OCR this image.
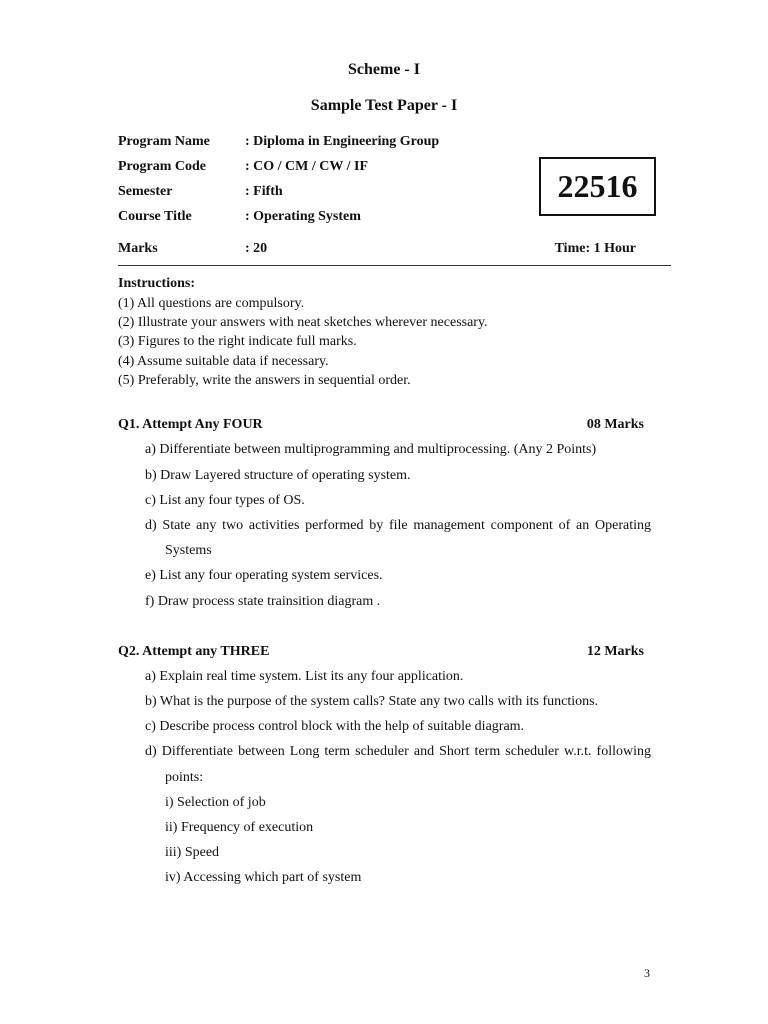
Scheme - I
Sample Test Paper - I
Program Name	: Diploma in Engineering Group
Program Code	: CO / CM / CW / IF
Semester	: Fifth
Course Title	: Operating System
Marks	: 20
22516
Time: 1 Hour
Instructions:
(1) All questions are compulsory.
(2) Illustrate your answers with neat sketches wherever necessary.
(3) Figures to the right indicate full marks.
(4) Assume suitable data if necessary.
(5) Preferably, write the answers in sequential order.
Q1. Attempt Any FOUR	08 Marks
a) Differentiate between multiprogramming and multiprocessing. (Any 2 Points)
b) Draw Layered structure of operating system.
c) List any four types of OS.
d) State any two activities performed by file management component of an Operating
Systems
e) List any four operating system services.
f) Draw process state trainsition diagram .
Q2. Attempt any THREE	12 Marks
a) Explain real time system. List its any four application.
b) What is the purpose of the system calls? State any two calls with its functions.
c) Describe process control block with the help of suitable diagram.
d) Differentiate between Long term scheduler and Short term scheduler w.r.t. following
points:
i) Selection of job
ii) Frequency of execution
iii) Speed
iv) Accessing which part of system
3
